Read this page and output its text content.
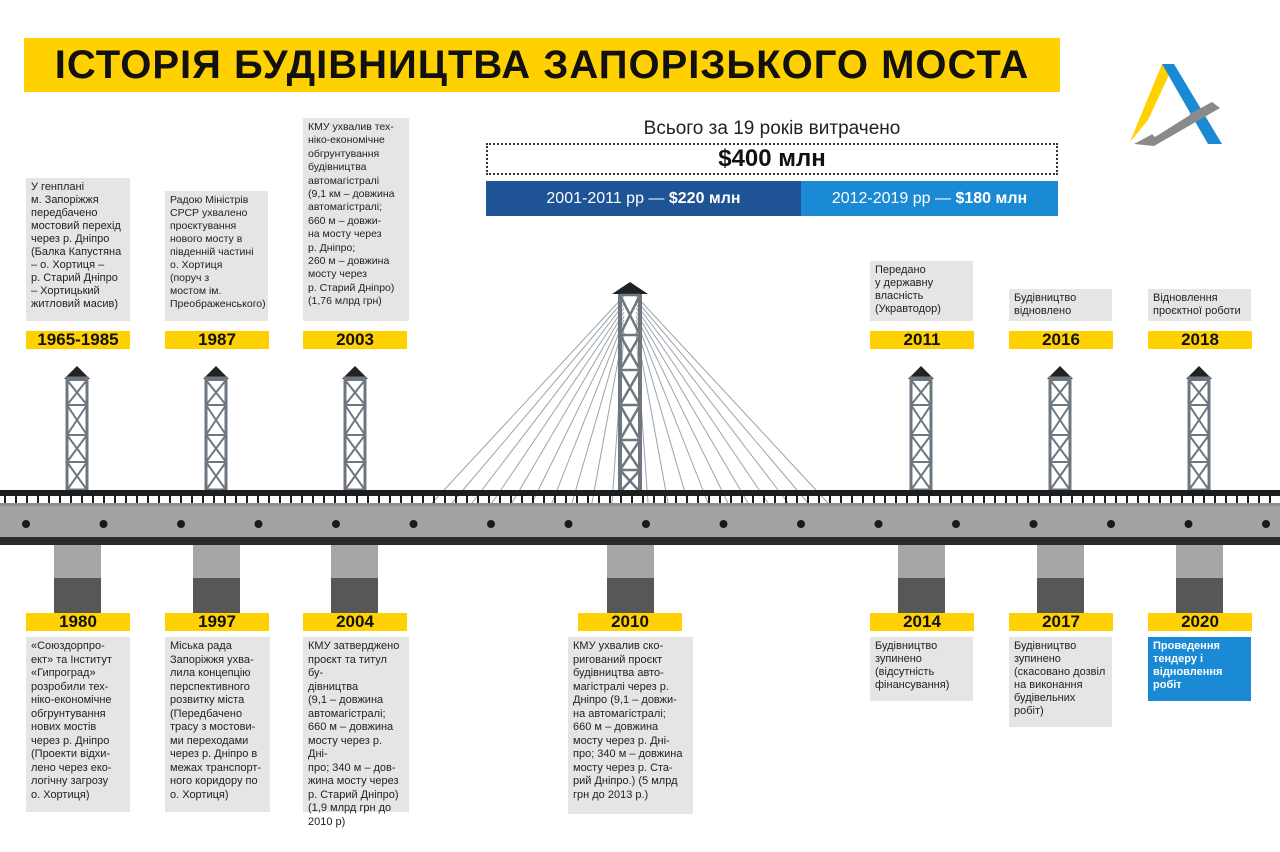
ІСТОРІЯ БУДІВНИЦТВА ЗАПОРІЗЬКОГО МОСТА
Всього за 19 років витрачено
$400 млн
2001-2011 рр — $220 млн	2012-2019 рр — $180 млн
У генплані
м. Запоріжжя
передбачено
мостовий перехід
через р. Дніпро
(Балка Капустяна
– о. Хортиця –
р. Старий Дніпро
– Хортицький
житловий масив)
1965-1985
Радою Міністрів
СРСР ухвалено
проєктування
нового мосту в
південній частині
о. Хортиця
(поруч з
мостом ім.
Преображенського)
1987
КМУ ухвалив тех-
ніко-економічне
обгрунтування
будівництва
автомагістралі
(9,1 км – довжина
автомагістралі;
660 м – довжи-
на мосту через
р. Дніпро;
260 м – довжина
мосту через
р. Старий Дніпро)
(1,76 млрд грн)
2003
Передано
у державну
власність
(Укравтодор)
2011
Будівництво
відновлено
2016
Відновлення
проєктної роботи
2018
1980
«Союздорпро-
ект» та Інститут
«Гипроград»
розробили тех-
ніко-економічне
обгрунтування
нових мостів
через р. Дніпро
(Проекти відхи-
лено через еко-
логічну загрозу
о. Хортиця)
1997
Міська рада
Запоріжжя ухва-
лила концепцію
перспективного
розвитку міста
(Передбачено
трасу з мостови-
ми переходами
через р. Дніпро в
межах транспорт-
ного коридору по
о. Хортиця)
2004
КМУ затверджено
проєкт та титул бу-
дівництва
(9,1 – довжина
автомагістралі;
660 м – довжина
мосту через р. Дні-
про; 340 м – дов-
жина мосту через
р. Старий Дніпро)
(1,9 млрд грн до
2010 р)
2010
КМУ ухвалив ско-
ригований проєкт
будівництва авто-
магістралі через р.
Дніпро (9,1 – довжи-
на автомагістралі;
660 м – довжина
мосту через р. Дні-
про; 340 м – довжина
мосту через р. Ста-
рий Дніпро.) (5 млрд
грн до 2013 р.)
2014
Будівництво
зупинено
(відсутність
фінансування)
2017
Будівництво
зупинено
(скасовано дозвіл
на виконання
будівельних
робіт)
2020
Проведення
тендеру і
відновлення
робіт
